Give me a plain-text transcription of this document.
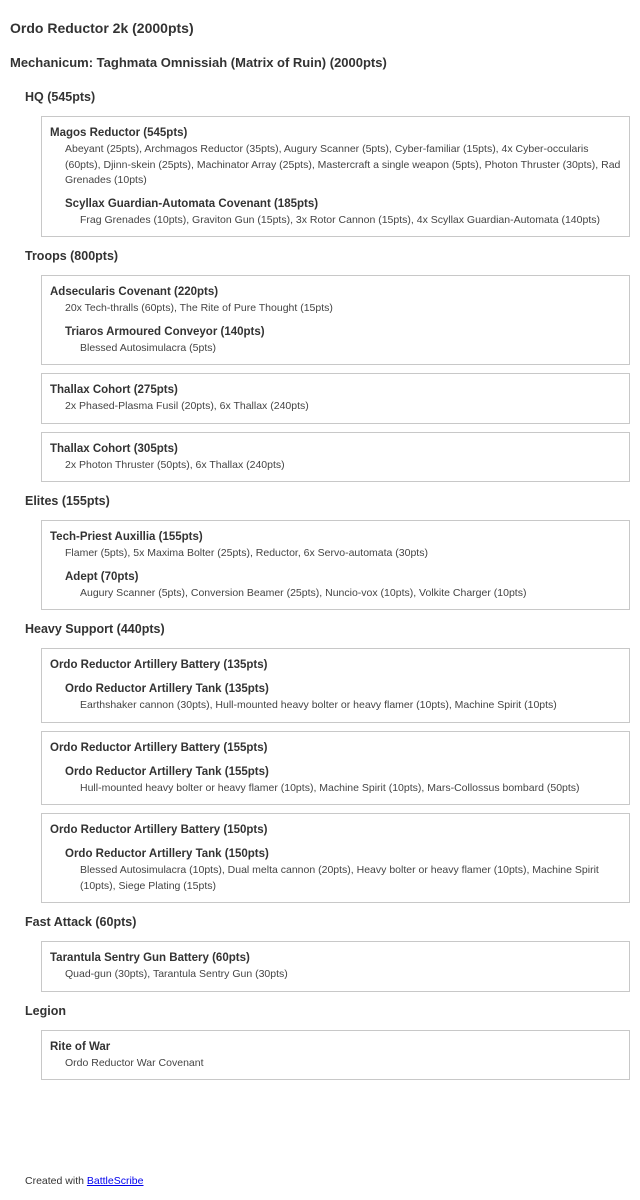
Ordo Reductor 2k (2000pts)
Mechanicum: Taghmata Omnissiah (Matrix of Ruin) (2000pts)
HQ (545pts)
Magos Reductor (545pts)
Abeyant (25pts), Archmagos Reductor (35pts), Augury Scanner (5pts), Cyber-familiar (15pts), 4x Cyber-occularis (60pts), Djinn-skein (25pts), Machinator Array (25pts), Mastercraft a single weapon (5pts), Photon Thruster (30pts), Rad Grenades (10pts)
Scyllax Guardian-Automata Covenant (185pts)
Frag Grenades (10pts), Graviton Gun (15pts), 3x Rotor Cannon (15pts), 4x Scyllax Guardian-Automata (140pts)
Troops (800pts)
Adsecularis Covenant (220pts)
20x Tech-thralls (60pts), The Rite of Pure Thought (15pts)
Triaros Armoured Conveyor (140pts)
Blessed Autosimulacra (5pts)
Thallax Cohort (275pts)
2x Phased-Plasma Fusil (20pts), 6x Thallax (240pts)
Thallax Cohort (305pts)
2x Photon Thruster (50pts), 6x Thallax (240pts)
Elites (155pts)
Tech-Priest Auxillia (155pts)
Flamer (5pts), 5x Maxima Bolter (25pts), Reductor, 6x Servo-automata (30pts)
Adept (70pts)
Augury Scanner (5pts), Conversion Beamer (25pts), Nuncio-vox (10pts), Volkite Charger (10pts)
Heavy Support (440pts)
Ordo Reductor Artillery Battery (135pts)
Ordo Reductor Artillery Tank (135pts)
Earthshaker cannon (30pts), Hull-mounted heavy bolter or heavy flamer (10pts), Machine Spirit (10pts)
Ordo Reductor Artillery Battery (155pts)
Ordo Reductor Artillery Tank (155pts)
Hull-mounted heavy bolter or heavy flamer (10pts), Machine Spirit (10pts), Mars-Collossus bombard (50pts)
Ordo Reductor Artillery Battery (150pts)
Ordo Reductor Artillery Tank (150pts)
Blessed Autosimulacra (10pts), Dual melta cannon (20pts), Heavy bolter or heavy flamer (10pts), Machine Spirit (10pts), Siege Plating (15pts)
Fast Attack (60pts)
Tarantula Sentry Gun Battery (60pts)
Quad-gun (30pts), Tarantula Sentry Gun (30pts)
Legion
Rite of War
Ordo Reductor War Covenant
Created with BattleScribe
